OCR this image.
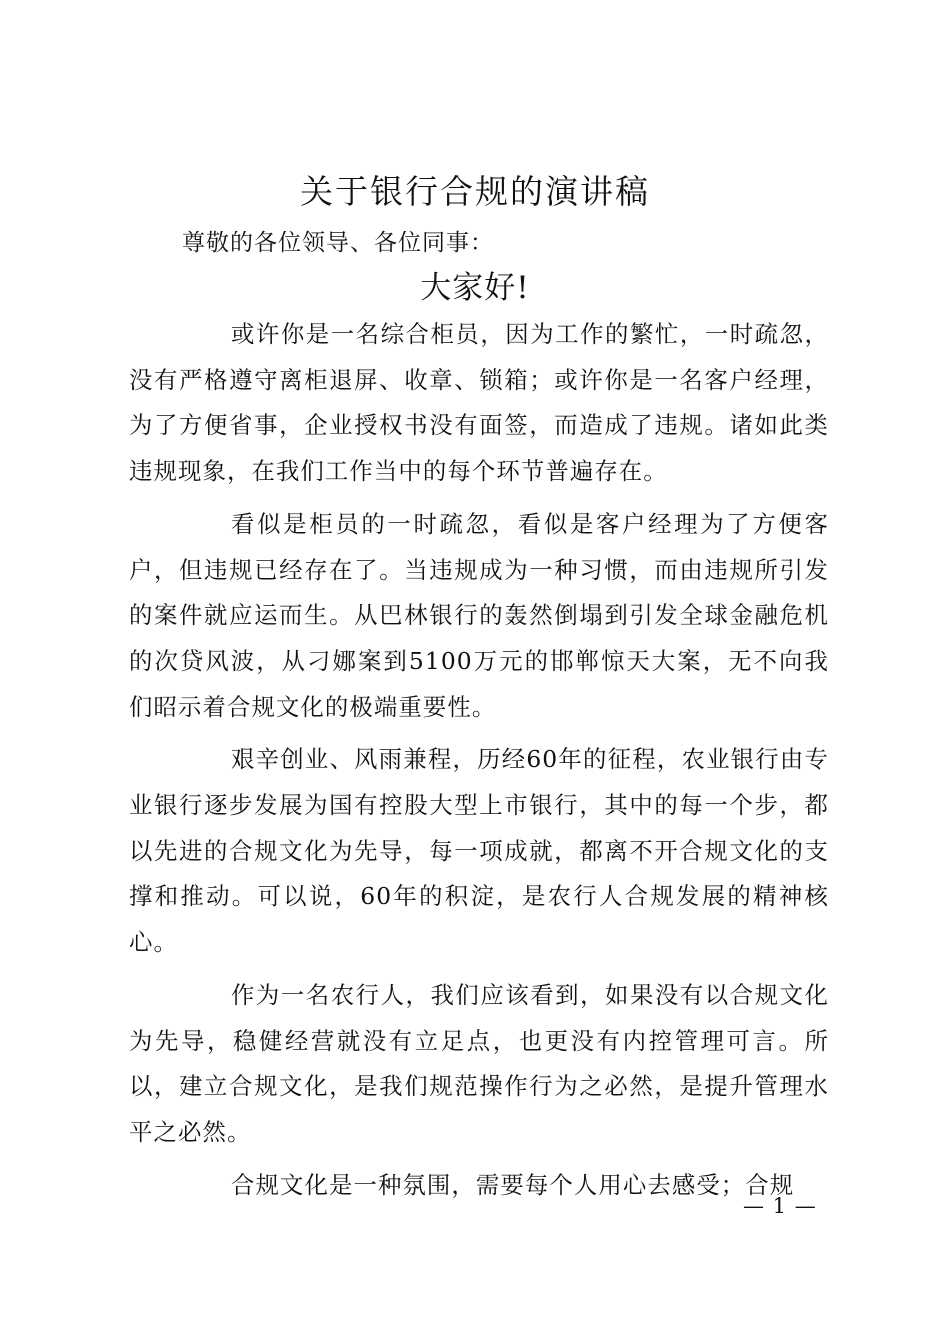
关于银行合规的演讲稿

尊敬的各位领导、各位同事：

大家好!

或许你是一名综合柜员，因为工作的繁忙，一时疏忽，没有严格遵守离柜退屏、收章、锁箱；或许你是一名客户经理，为了方便省事，企业授权书没有面签，而造成了违规。诸如此类违规现象，在我们工作当中的每个环节普遍存在。

看似是柜员的一时疏忽，看似是客户经理为了方便客户，但违规已经存在了。当违规成为一种习惯，而由违规所引发的案件就应运而生。从巴林银行的轰然倒塌到引发全球金融危机的次贷风波，从刁娜案到5100万元的邯郸惊天大案，无不向我们昭示着合规文化的极端重要性。

艰辛创业、风雨兼程，历经60年的征程，农业银行由专业银行逐步发展为国有控股大型上市银行，其中的每一个步，都以先进的合规文化为先导，每一项成就，都离不开合规文化的支撑和推动。可以说，60年的积淀，是农行人合规发展的精神核心。

作为一名农行人，我们应该看到，如果没有以合规文化为先导，稳健经营就没有立足点，也更没有内控管理可言。所以，建立合规文化，是我们规范操作行为之必然，是提升管理水平之必然。

合规文化是一种氛围，需要每个人用心去感受；合规

— 1 —
